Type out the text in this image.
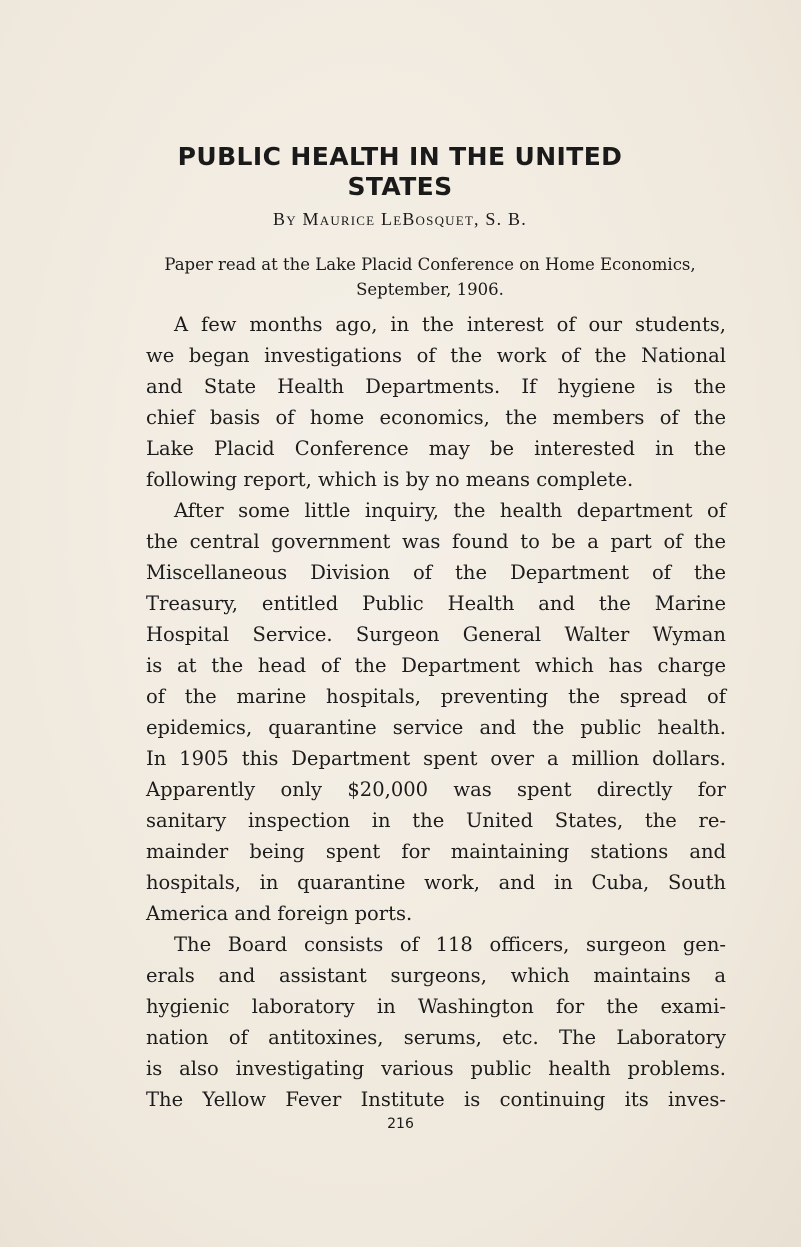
PUBLIC HEALTH IN THE UNITED
STATES
By Maurice LeBosquet, S. B.
Paper read at the Lake Placid Conference on Home Economics,
September, 1906.
A few months ago, in the interest of our students,
we began investigations of the work of the National
and State Health Departments. If hygiene is the
chief basis of home economics, the members of the
Lake Placid Conference may be interested in the
following report, which is by no means complete.
After some little inquiry, the health department of
the central government was found to be a part of the
Miscellaneous Division of the Department of the
Treasury, entitled Public Health and the Marine
Hospital Service. Surgeon General Walter Wyman
is at the head of the Department which has charge
of the marine hospitals, preventing the spread of
epidemics, quarantine service and the public health.
In 1905 this Department spent over a million dollars.
Apparently only $20,000 was spent directly for
sanitary inspection in the United States, the re-
mainder being spent for maintaining stations and
hospitals, in quarantine work, and in Cuba, South
America and foreign ports.
The Board consists of 118 officers, surgeon gen-
erals and assistant surgeons, which maintains a
hygienic laboratory in Washington for the exami-
nation of antitoxines, serums, etc. The Laboratory
is also investigating various public health problems.
The Yellow Fever Institute is continuing its inves-
216
